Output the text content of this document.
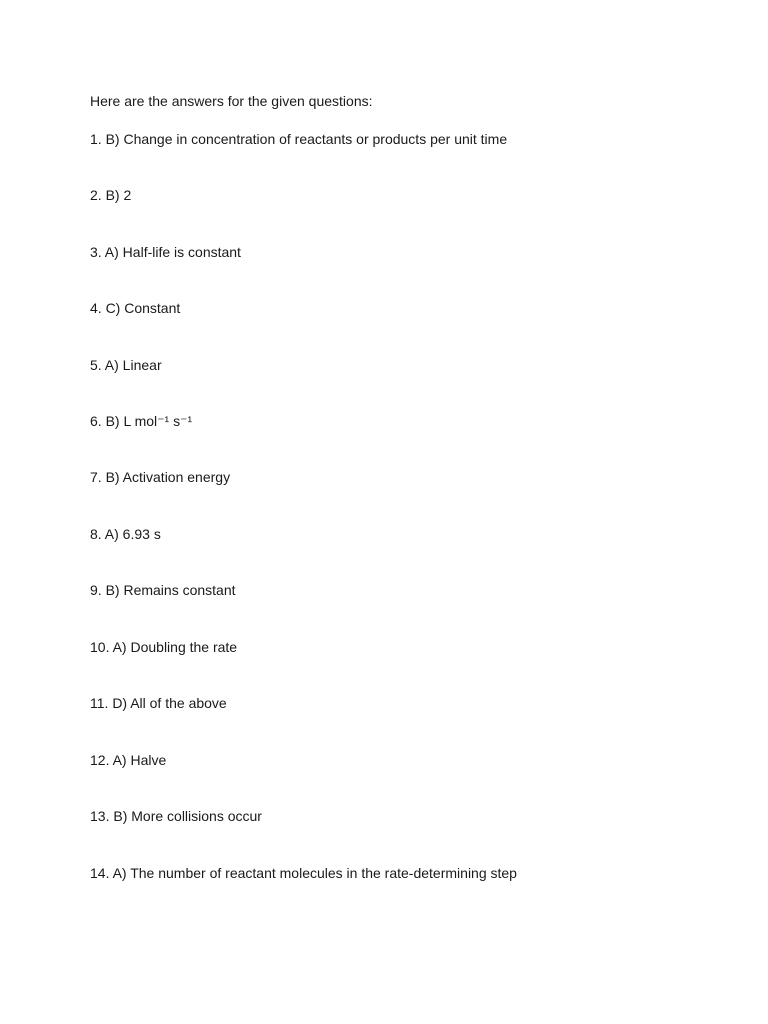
Here are the answers for the given questions:
1. B) Change in concentration of reactants or products per unit time
2. B) 2
3. A) Half-life is constant
4. C) Constant
5. A) Linear
6. B) L mol⁻¹ s⁻¹
7. B) Activation energy
8. A) 6.93 s
9. B) Remains constant
10. A) Doubling the rate
11. D) All of the above
12. A) Halve
13. B) More collisions occur
14. A) The number of reactant molecules in the rate-determining step
